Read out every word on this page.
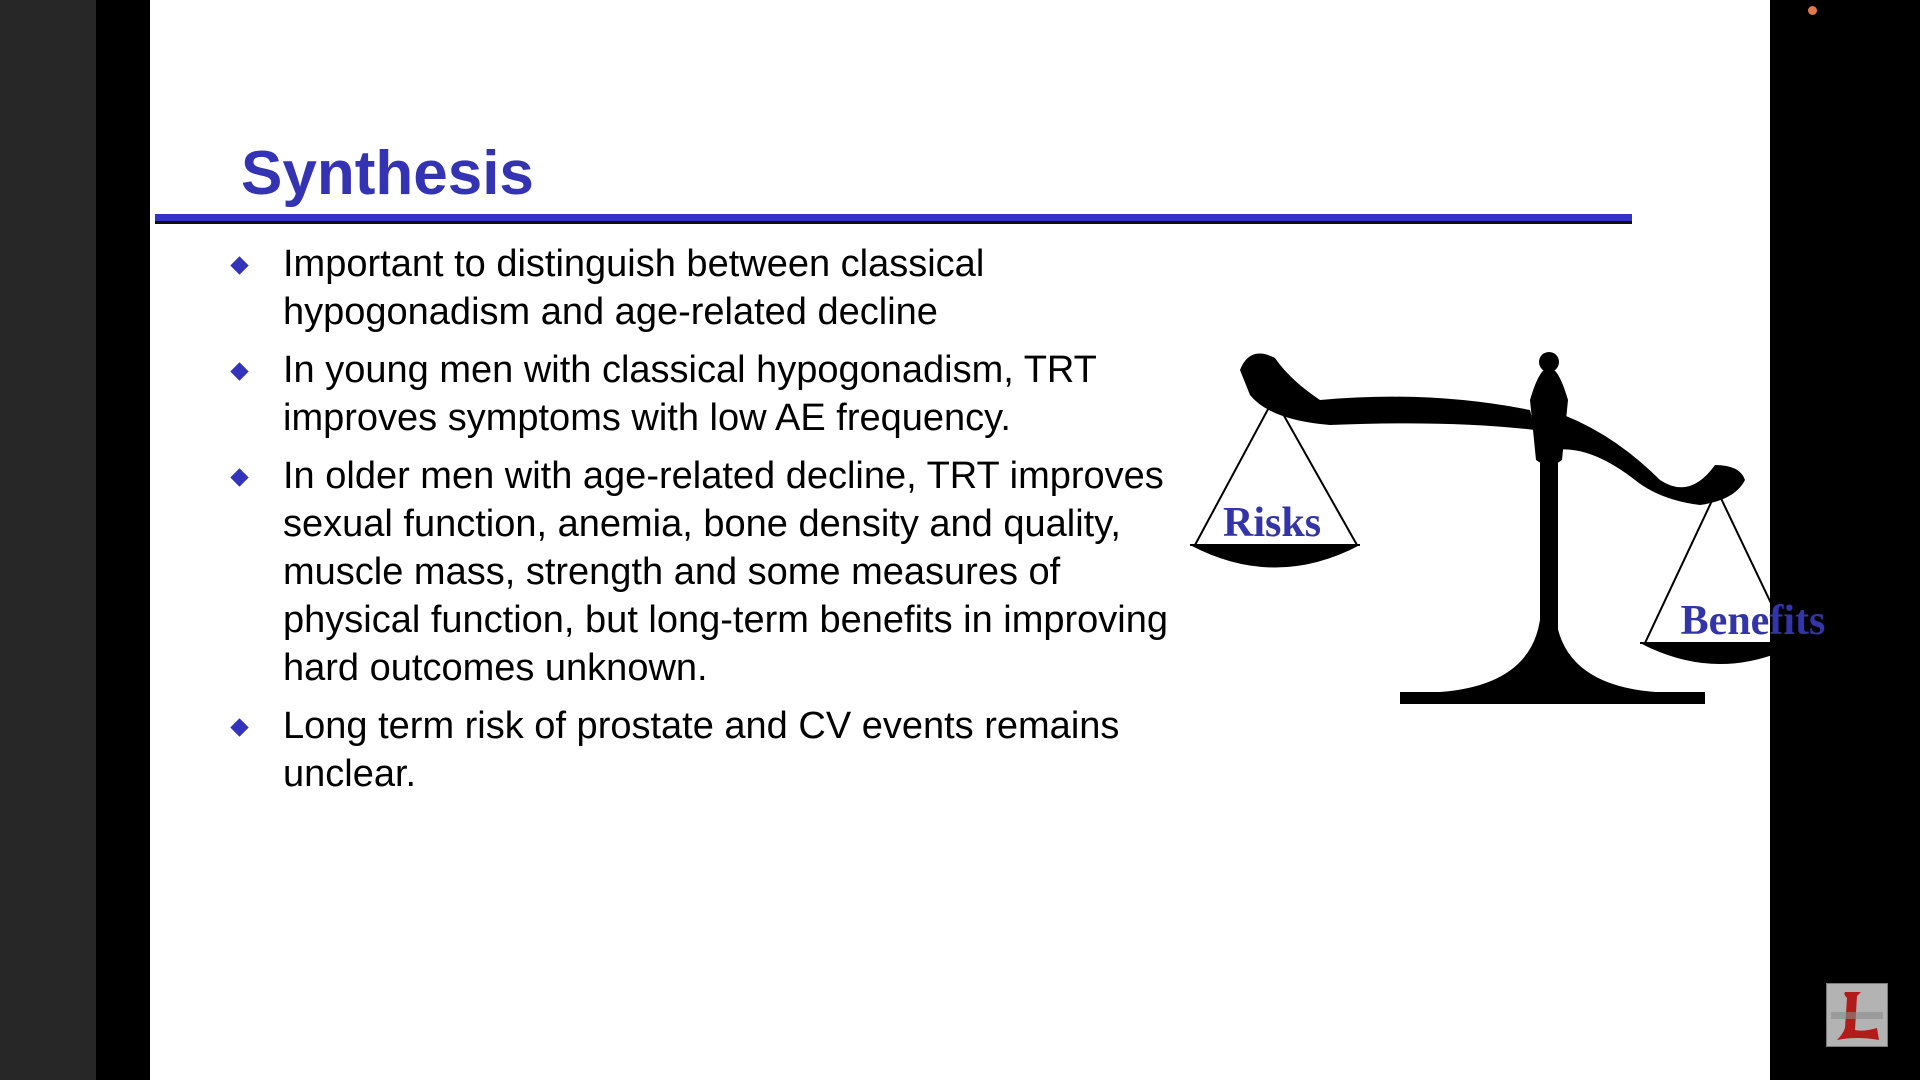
Synthesis
Important to distinguish between classical
hypogonadism and age-related decline
In young men with classical hypogonadism, TRT
improves symptoms with low AE frequency.
In older men with age-related decline, TRT improves
sexual function, anemia, bone density and quality,
muscle mass, strength and some measures of
physical function, but long-term benefits in improving
hard outcomes unknown.
Long term risk of prostate and CV events remains
unclear.
Risks
Benefits
